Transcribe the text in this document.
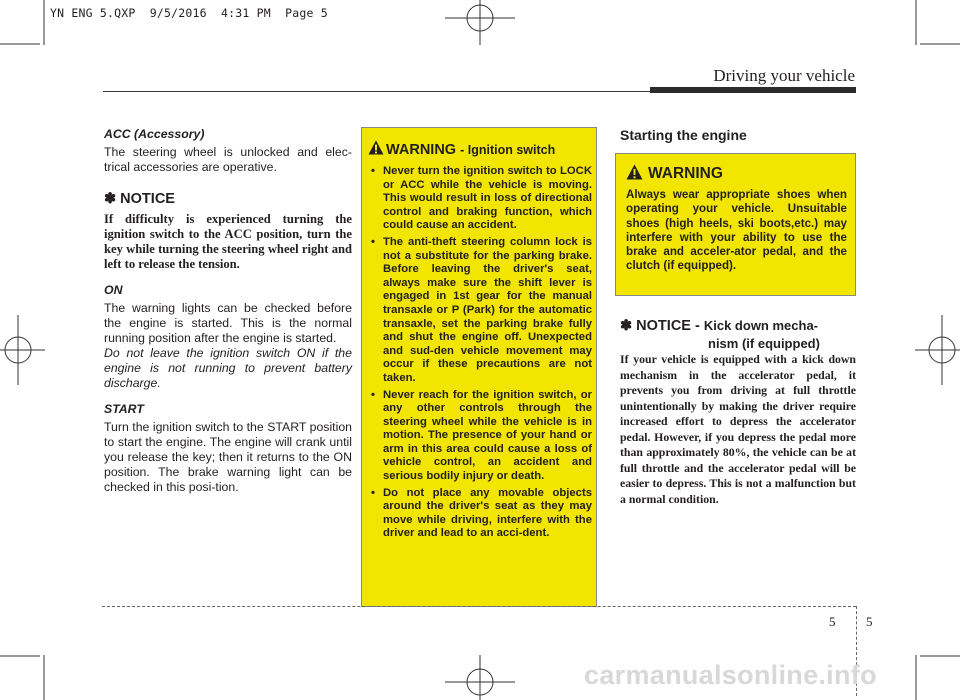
YN ENG 5.QXP  9/5/2016  4:31 PM  Page 5
Driving your vehicle

ACC (Accessory)

The steering wheel is unlocked and elec-trical accessories are operative.

✽ NOTICE

If difficulty is experienced turning the ignition switch to the ACC position, turn the key while turning the steering wheel right and left to release the tension.

ON

The warning lights can be checked before the engine is started. This is the normal running position after the engine is started.

Do not leave the ignition switch ON if the engine is not running to prevent battery discharge.

START

Turn the ignition switch to the START position to start the engine. The engine will crank until you release the key; then it returns to the ON position. The brake warning light can be checked in this posi-tion.

WARNING - Ignition switch
• Never turn the ignition switch to LOCK or ACC while the vehicle is moving. This would result in loss of directional control and braking function, which could cause an accident.
• The anti-theft steering column lock is not a substitute for the parking brake. Before leaving the driver's seat, always make sure the shift lever is engaged in 1st gear for the manual transaxle or P (Park) for the automatic transaxle, set the parking brake fully and shut the engine off. Unexpected and sud-den vehicle movement may occur if these precautions are not taken.
• Never reach for the ignition switch, or any other controls through the steering wheel while the vehicle is in motion. The presence of your hand or arm in this area could cause a loss of vehicle control, an accident and serious bodily injury or death.
• Do not place any movable objects around the driver's seat as they may move while driving, interfere with the driver and lead to an acci-dent.
Starting the engine
WARNING
Always wear appropriate shoes when operating your vehicle. Unsuitable shoes (high heels, ski boots,etc.) may interfere with your ability to use the brake and acceler-ator pedal, and the clutch (if equipped).
✽ NOTICE - Kick down mecha-
nism (if equipped)
If your vehicle is equipped with a kick down mechanism in the accelerator pedal, it prevents you from driving at full throttle unintentionally by making the driver require increased effort to depress the accelerator pedal. However, if you depress the pedal more than approximately 80%, the vehicle can be at full throttle and the accelerator pedal will be easier to depress. This is not a malfunction but a normal condition.
5 5
carmanualsonline.info
